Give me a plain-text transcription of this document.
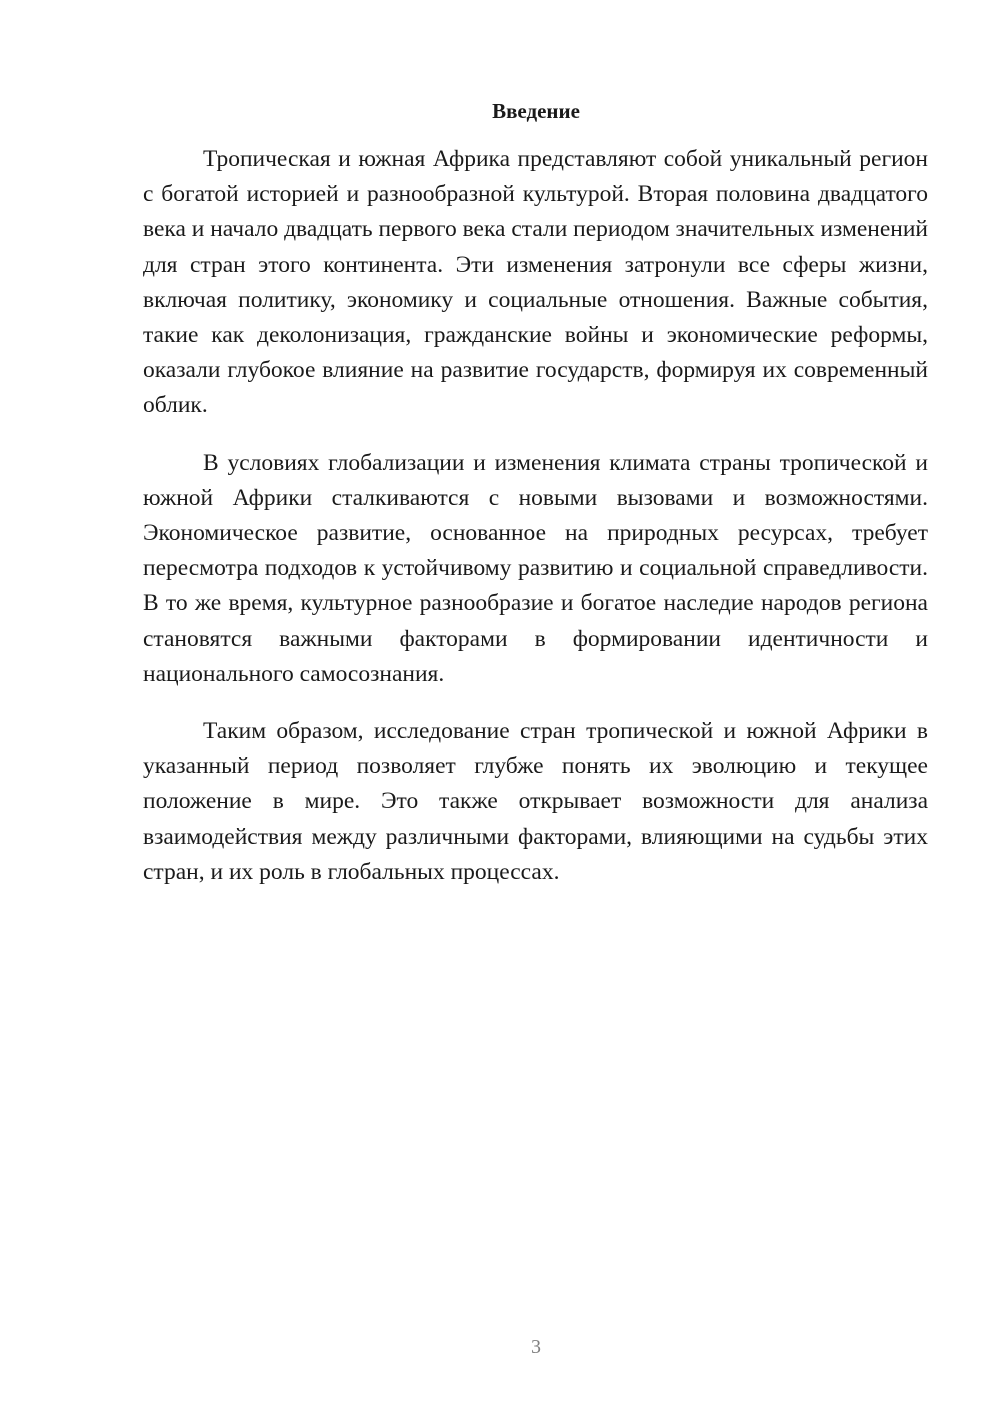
Введение

Тропическая и южная Африка представляют собой уникальный регион с богатой историей и разнообразной культурой. Вторая половина двадцатого века и начало двадцать первого века стали периодом значительных изменений для стран этого континента. Эти изменения затронули все сферы жизни, включая политику, экономику и социальные отношения. Важные события, такие как деколонизация, гражданские войны и экономические реформы, оказали глубокое влияние на развитие государств, формируя их современный облик.

В условиях глобализации и изменения климата страны тропической и южной Африки сталкиваются с новыми вызовами и возможностями. Экономическое развитие, основанное на природных ресурсах, требует пересмотра подходов к устойчивому развитию и социальной справедливости. В то же время, культурное разнообразие и богатое наследие народов региона становятся важными факторами в формировании идентичности и национального самосознания.

Таким образом, исследование стран тропической и южной Африки в указанный период позволяет глубже понять их эволюцию и текущее положение в мире. Это также открывает возможности для анализа взаимодействия между различными факторами, влияющими на судьбы этих стран, и их роль в глобальных процессах.

3
